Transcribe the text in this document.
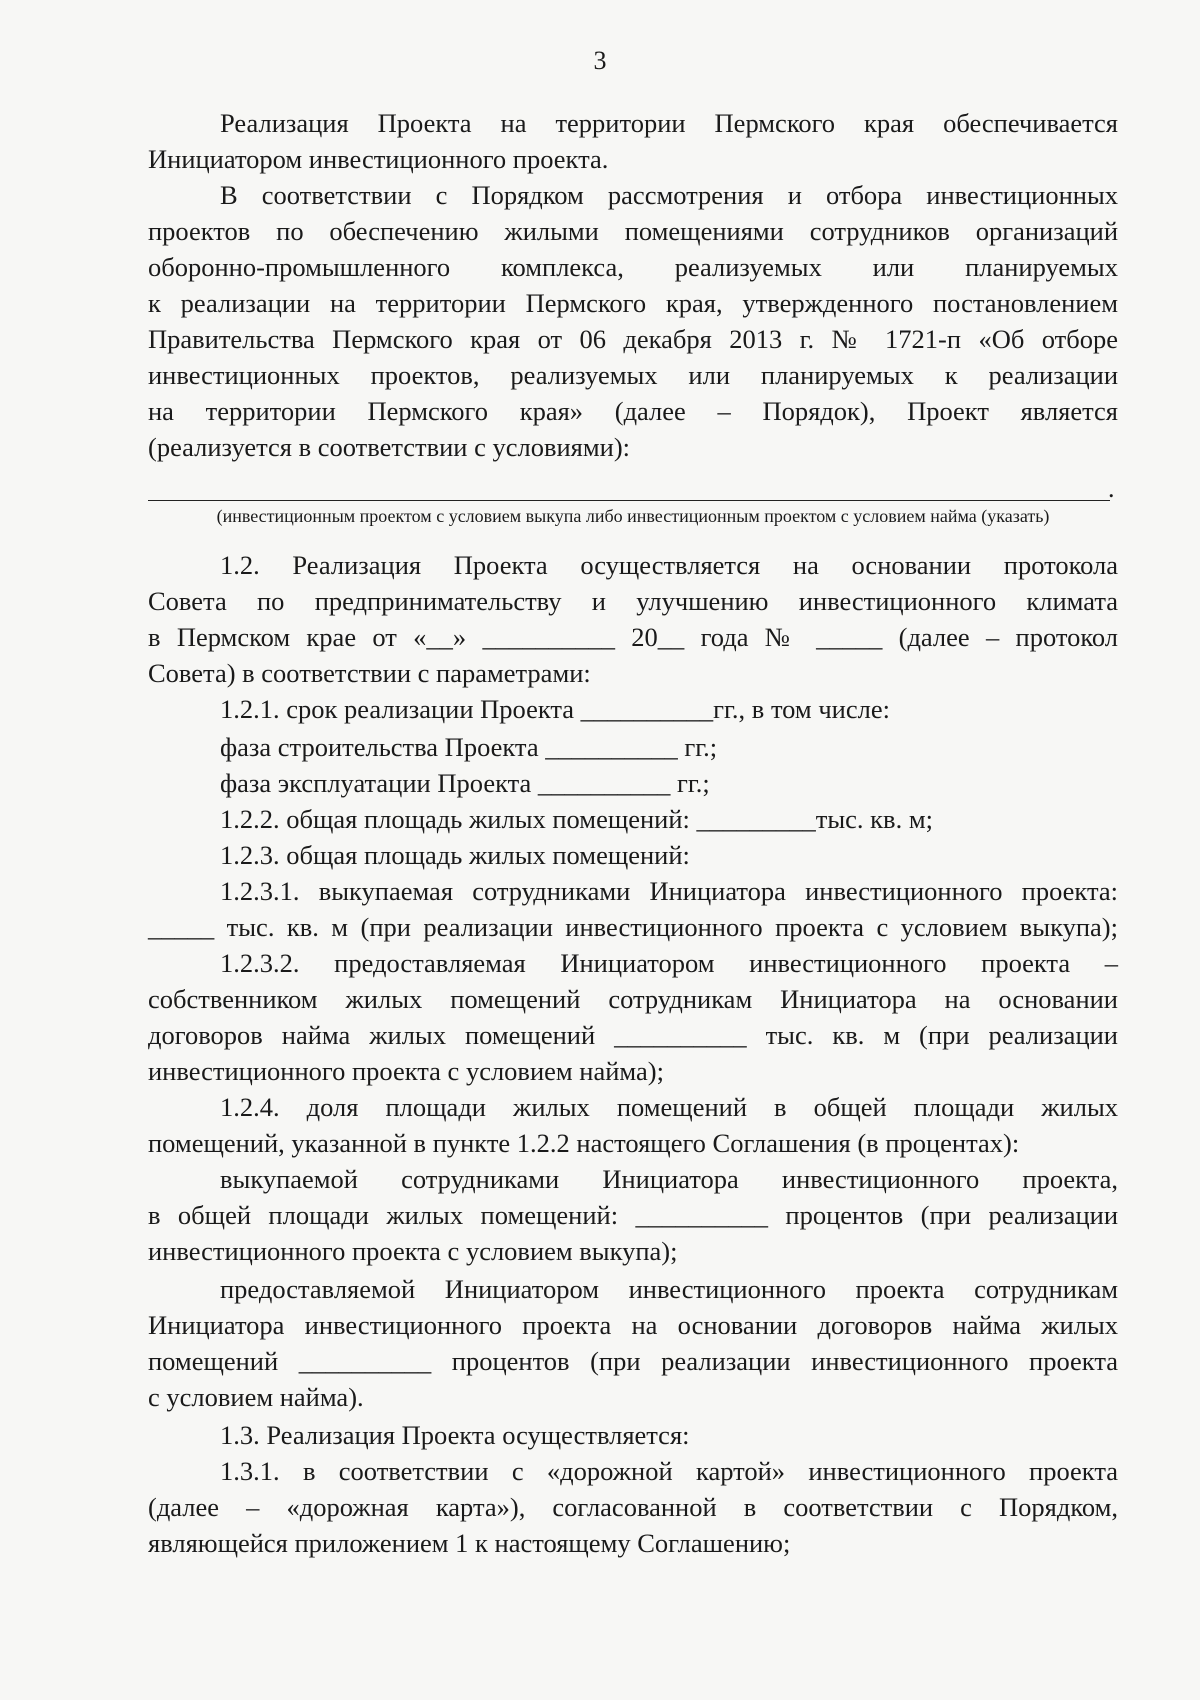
3
Реализация Проекта на территории Пермского края обеспечивается
Инициатором инвестиционного проекта.
В соответствии с Порядком рассмотрения и отбора инвестиционных
проектов по обеспечению жилыми помещениями сотрудников организаций
оборонно-промышленного комплекса, реализуемых или планируемых
к реализации на территории Пермского края, утвержденного постановлением
Правительства Пермского края от 06 декабря 2013 г. № 1721-п «Об отборе
инвестиционных проектов, реализуемых или планируемых к реализации
на территории Пермского края» (далее – Порядок), Проект является
(реализуется в соответствии с условиями):
.
(инвестиционным проектом с условием выкупа либо инвестиционным проектом с условием найма (указать)
1.2. Реализация Проекта осуществляется на основании протокола
Совета по предпринимательству и улучшению инвестиционного климата
в Пермском крае от «__» __________ 20__ года № _____ (далее – протокол
Совета) в соответствии с параметрами:
1.2.1. срок реализации Проекта __________гг., в том числе:
фаза строительства Проекта __________ гг.;
фаза эксплуатации Проекта __________ гг.;
1.2.2. общая площадь жилых помещений: _________тыс. кв. м;
1.2.3. общая площадь жилых помещений:
1.2.3.1. выкупаемая сотрудниками Инициатора инвестиционного проекта:
_____ тыс. кв. м (при реализации инвестиционного проекта с условием выкупа);
1.2.3.2. предоставляемая Инициатором инвестиционного проекта –
собственником жилых помещений сотрудникам Инициатора на основании
договоров найма жилых помещений __________ тыс. кв. м (при реализации
инвестиционного проекта с условием найма);
1.2.4. доля площади жилых помещений в общей площади жилых
помещений, указанной в пункте 1.2.2 настоящего Соглашения (в процентах):
выкупаемой сотрудниками Инициатора инвестиционного проекта,
в общей площади жилых помещений: __________ процентов (при реализации
инвестиционного проекта с условием выкупа);
предоставляемой Инициатором инвестиционного проекта сотрудникам
Инициатора инвестиционного проекта на основании договоров найма жилых
помещений __________ процентов (при реализации инвестиционного проекта
с условием найма).
1.3. Реализация Проекта осуществляется:
1.3.1. в соответствии с «дорожной картой» инвестиционного проекта
(далее – «дорожная карта»), согласованной в соответствии с Порядком,
являющейся приложением 1 к настоящему Соглашению;
